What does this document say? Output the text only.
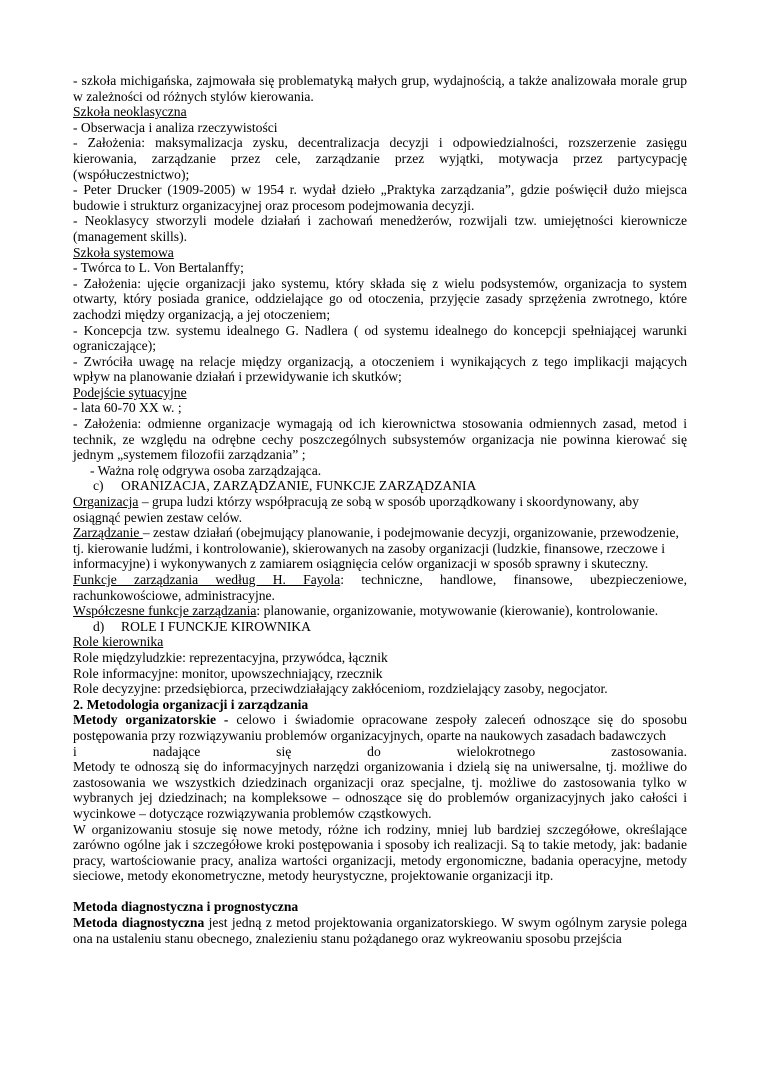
- szkoła michigańska, zajmowała się problematyką małych grup, wydajnością, a także analizowała morale grup w zależności od różnych stylów kierowania.

Szkoła neoklasyczna

- Obserwacja i analiza rzeczywistości

- Założenia: maksymalizacja zysku, decentralizacja decyzji i odpowiedzialności, rozszerzenie zasięgu kierowania, zarządzanie przez cele, zarządzanie przez wyjątki, motywacja przez partycypację (współuczestnictwo);

- Peter Drucker (1909-2005) w 1954 r. wydał dzieło „Praktyka zarządzania”, gdzie poświęcił dużo miejsca budowie i strukturz organizacyjnej oraz procesom podejmowania decyzji.

- Neoklasycy stworzyli modele działań i zachowań menedżerów, rozwijali tzw. umiejętności kierownicze (management skills).

Szkoła systemowa

- Twórca to L. Von Bertalanffy;

- Założenia: ujęcie organizacji jako systemu, który składa się z wielu podsystemów, organizacja to system otwarty, który posiada granice, oddzielające go od otoczenia, przyjęcie zasady sprzężenia zwrotnego, które zachodzi między organizacją, a jej otoczeniem;

- Koncepcja tzw. systemu idealnego G. Nadlera ( od systemu idealnego do koncepcji spełniającej warunki ograniczające);

- Zwróciła uwagę na relacje między organizacją, a otoczeniem i wynikających z tego implikacji mających wpływ na planowanie działań i przewidywanie ich skutków;

Podejście sytuacyjne

- lata 60-70 XX w. ;

- Założenia: odmienne organizacje wymagają od ich kierownictwa stosowania odmiennych zasad, metod i technik, ze względu na odrębne cechy poszczególnych subsystemów organizacja nie powinna kierować się jednym „systemem filozofii zarządzania” ;

- Ważna rolę odgrywa osoba zarządzająca.

c) ORANIZACJA, ZARZĄDZANIE, FUNKCJE ZARZĄDZANIA

Organizacja – grupa ludzi którzy współpracują ze sobą w sposób uporządkowany i skoordynowany, aby osiągnąć pewien zestaw celów.

Zarządzanie – zestaw działań (obejmujący planowanie, i podejmowanie decyzji, organizowanie, przewodzenie, tj. kierowanie ludźmi, i kontrolowanie), skierowanych na zasoby organizacji (ludzkie, finansowe, rzeczowe i informacyjne) i wykonywanych z zamiarem osiągnięcia celów organizacji w sposób sprawny i skuteczny.

Funkcje zarządzania według H. Fayola: techniczne, handlowe, finansowe, ubezpieczeniowe, rachunkowościowe, administracyjne.

Współczesne funkcje zarządzania: planowanie, organizowanie, motywowanie (kierowanie), kontrolowanie.

d) ROLE I FUNCKJE KIROWNIKA

Role kierownika

Role międzyludzkie: reprezentacyjna, przywódca, łącznik

Role informacyjne: monitor, upowszechniający, rzecznik

Role decyzyjne: przedsiębiorca, przeciwdziałający zakłóceniom, rozdzielający zasoby, negocjator.

2. Metodologia organizacji i zarządzania

Metody organizatorskie - celowo i świadomie opracowane zespoły zaleceń odnoszące się do sposobu postępowania przy rozwiązywaniu problemów organizacyjnych, oparte na naukowych zasadach badawczych

i nadające się do wielokrotnego zastosowania.

Metody te odnoszą się do informacyjnych narzędzi organizowania i dzielą się na uniwersalne, tj. możliwe do zastosowania we wszystkich dziedzinach organizacji oraz specjalne, tj. możliwe do zastosowania tylko w wybranych jej dziedzinach; na kompleksowe – odnoszące się do problemów organizacyjnych jako całości i wycinkowe – dotyczące rozwiązywania problemów cząstkowych.

W organizowaniu stosuje się nowe metody, różne ich rodziny, mniej lub bardziej szczegółowe, określające zarówno ogólne jak i szczegółowe kroki postępowania i sposoby ich realizacji. Są to takie metody, jak: badanie pracy, wartościowanie pracy, analiza wartości organizacji, metody ergonomiczne, badania operacyjne, metody sieciowe, metody ekonometryczne, metody heurystyczne, projektowanie organizacji itp.

Metoda diagnostyczna i prognostyczna

Metoda diagnostyczna jest jedną z metod projektowania organizatorskiego. W swym ogólnym zarysie polega ona na ustaleniu stanu obecnego, znalezieniu stanu pożądanego oraz wykreowaniu sposobu przejścia
